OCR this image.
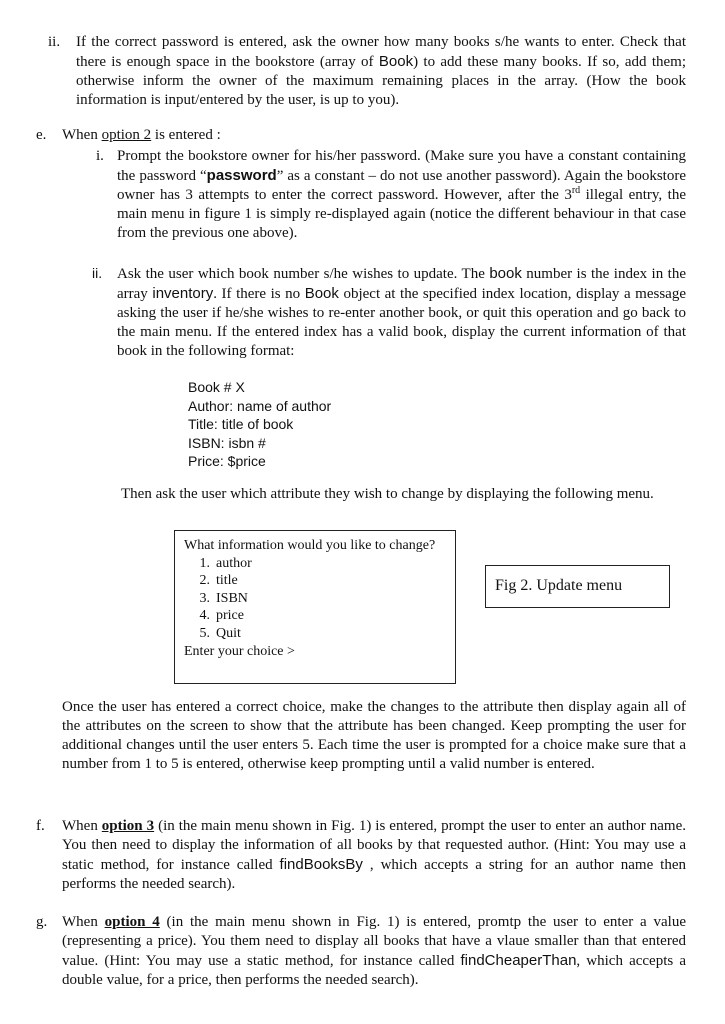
ii. If the correct password is entered, ask the owner how many books s/he wants to enter. Check that there is enough space in the bookstore (array of Book) to add these many books. If so, add them; otherwise inform the owner of the maximum remaining places in the array. (How the book information is input/entered by the user, is up to you).
e. When option 2 is entered :
i. Prompt the bookstore owner for his/her password. (Make sure you have a constant containing the password “password” as a constant – do not use another password). Again the bookstore owner has 3 attempts to enter the correct password. However, after the 3rd illegal entry, the main menu in figure 1 is simply re-displayed again (notice the different behaviour in that case from the previous one above).
ii. Ask the user which book number s/he wishes to update. The book number is the index in the array inventory. If there is no Book object at the specified index location, display a message asking the user if he/she wishes to re-enter another book, or quit this operation and go back to the main menu. If the entered index has a valid book, display the current information of that book in the following format:
Book # X
Author: name of author
Title: title of book
ISBN: isbn #
Price: $price
Then ask the user which attribute they wish to change by displaying the following menu.
What information would you like to change?
1. author
2. title
3. ISBN
4. price
5. Quit
Enter your choice >
Fig 2. Update menu
Once the user has entered a correct choice, make the changes to the attribute then display again all of the attributes on the screen to show that the attribute has been changed. Keep prompting the user for additional changes until the user enters 5. Each time the user is prompted for a choice make sure that a number from 1 to 5 is entered, otherwise keep prompting until a valid number is entered.
f. When option 3 (in the main menu shown in Fig. 1) is entered, prompt the user to enter an author name. You then need to display the information of all books by that requested author. (Hint: You may use a static method, for instance called findBooksBy , which accepts a string for an author name then performs the needed search).
g. When option 4 (in the main menu shown in Fig. 1) is entered, promtp the user to enter a value (representing a price). You them need to display all books that have a vlaue smaller than that entered value. (Hint: You may use a static method, for instance called findCheaperThan, which accepts a double value, for a price, then performs the needed search).
